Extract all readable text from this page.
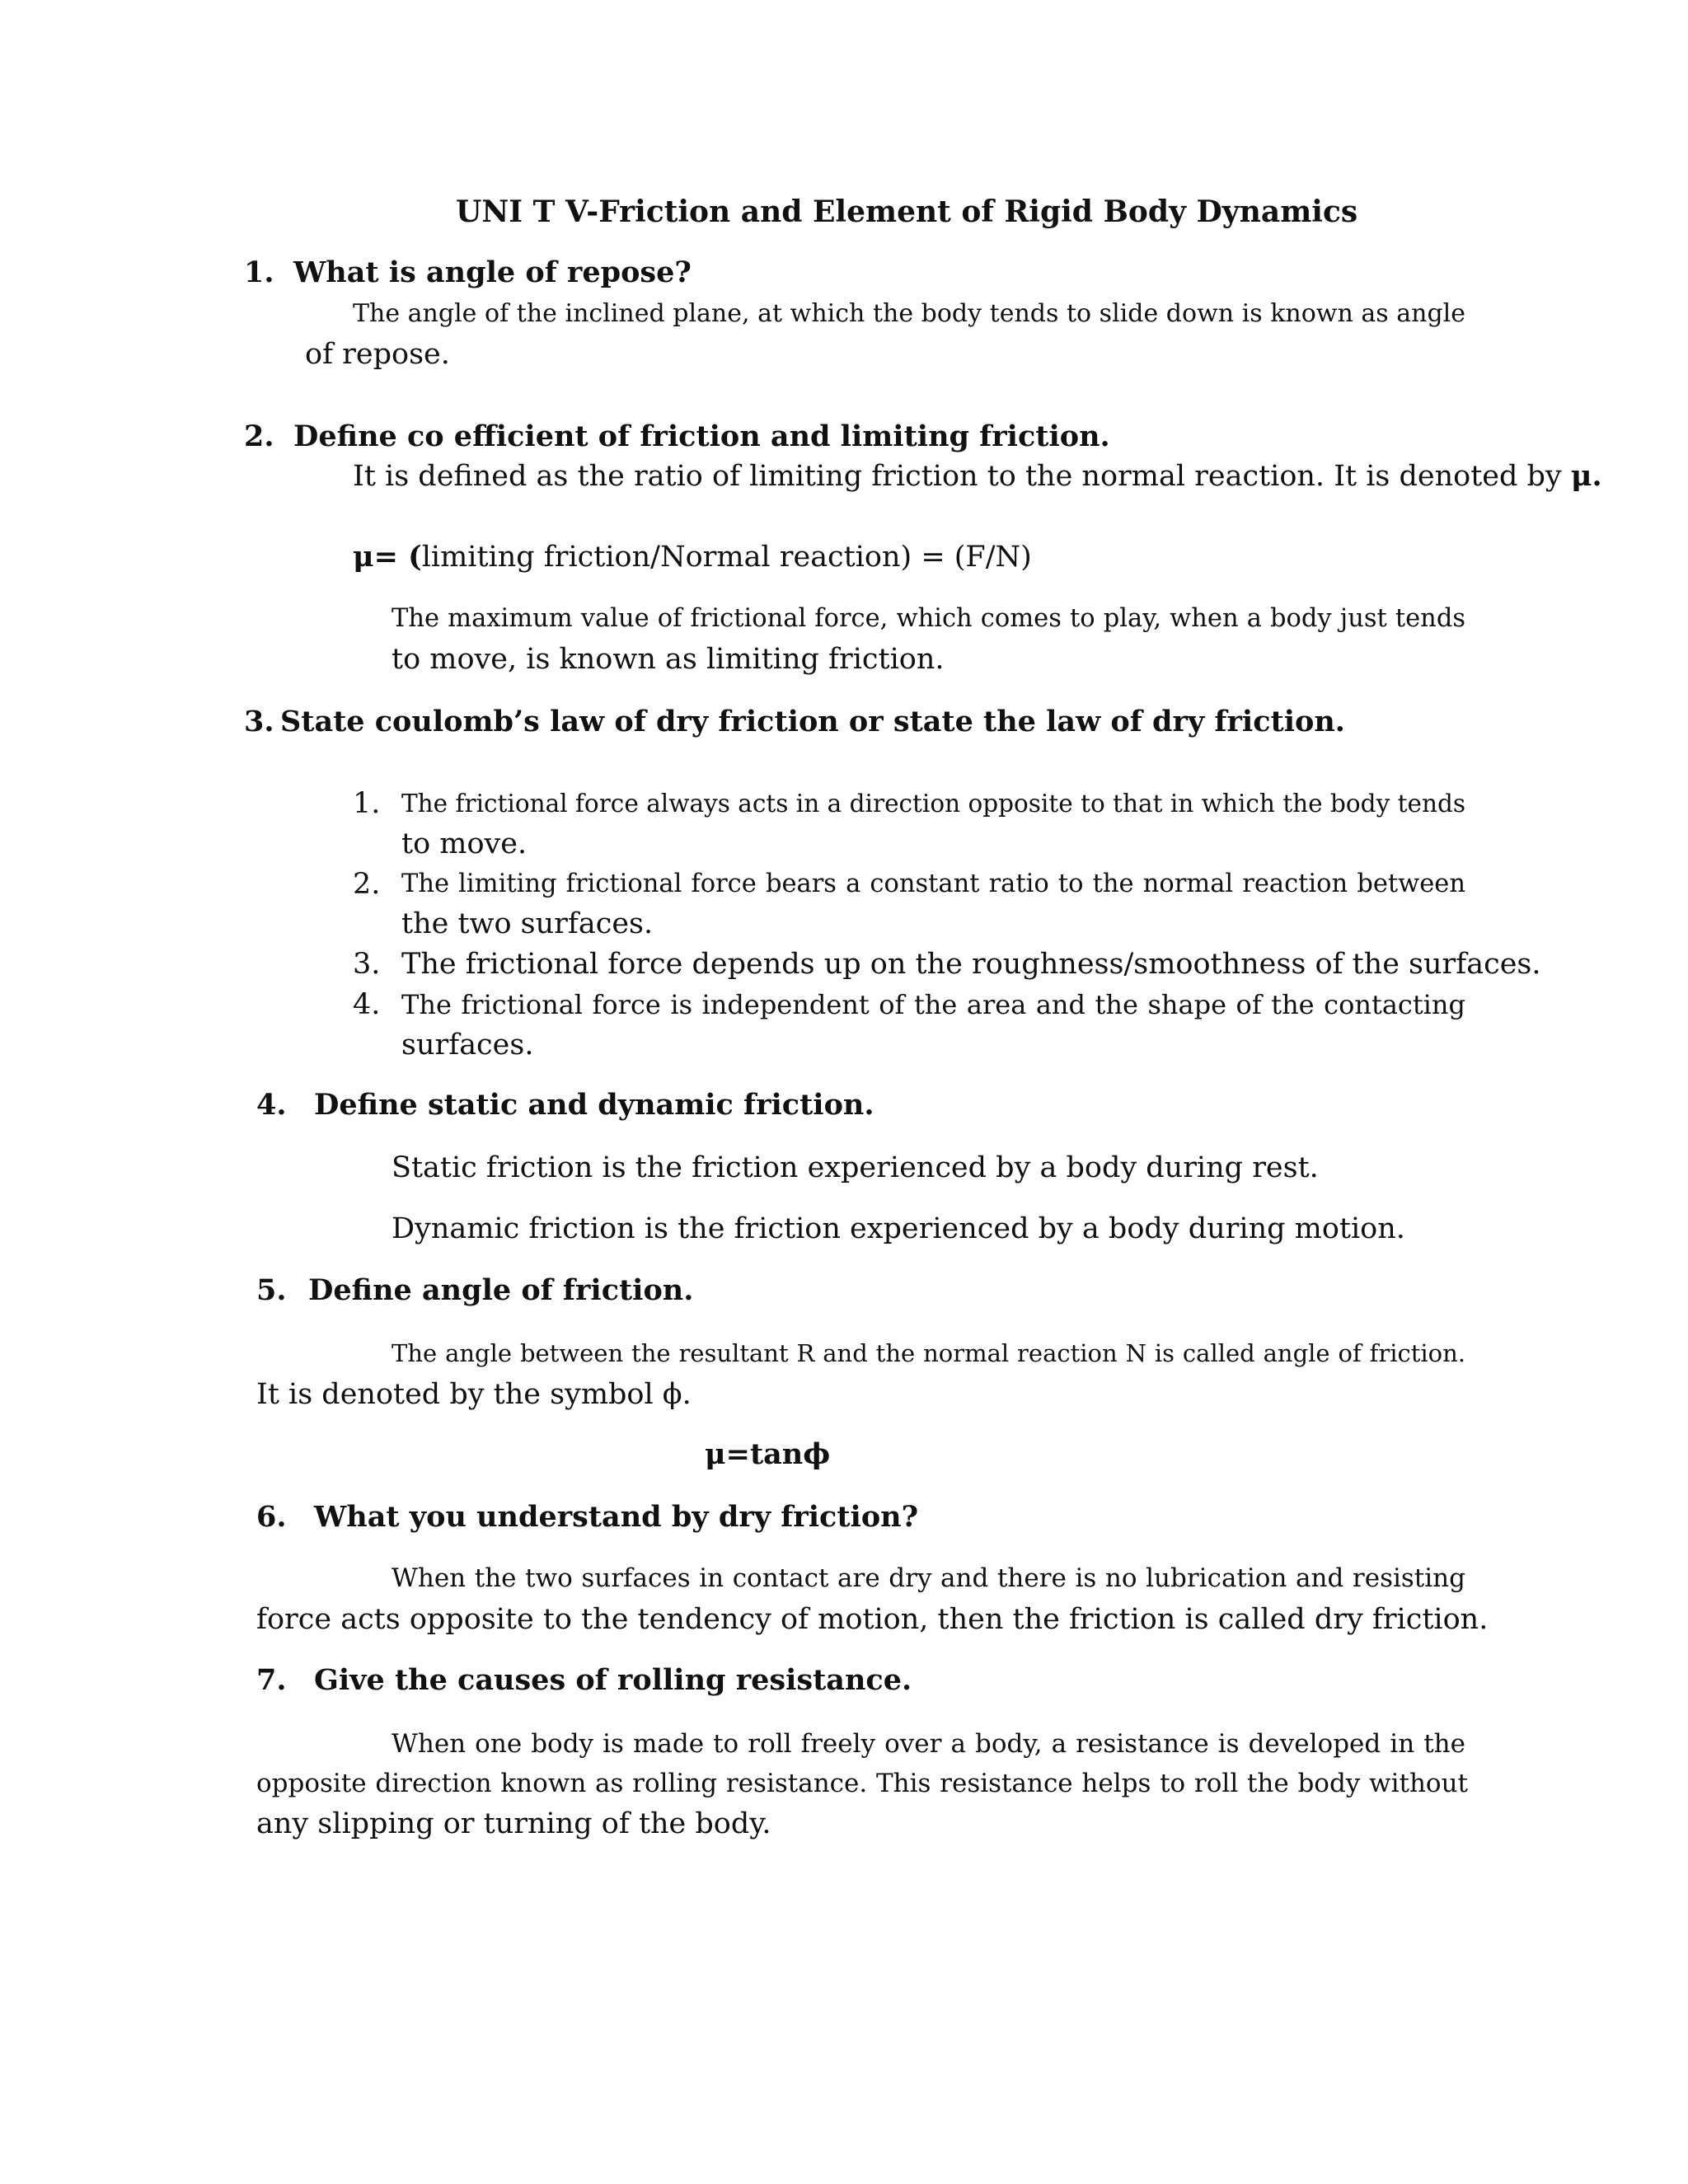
UNI T V-Friction and Element of Rigid Body Dynamics
1. What is angle of repose?
The angle of the inclined plane, at which the body tends to slide down is known as angle
of repose.
2. Define co efficient of friction and limiting friction.
It is defined as the ratio of limiting friction to the normal reaction. It is denoted by μ.
μ= (limiting friction/Normal reaction) = (F/N)
The maximum value of frictional force, which comes to play, when a body just tends
to move, is known as limiting friction.
3. State coulomb’s law of dry friction or state the law of dry friction.
1. The frictional force always acts in a direction opposite to that in which the body tends
to move.
2. The limiting frictional force bears a constant ratio to the normal reaction between
the two surfaces.
3. The frictional force depends up on the roughness/smoothness of the surfaces.
4. The frictional force is independent of the area and the shape of the contacting
surfaces.
4. Define static and dynamic friction.
Static friction is the friction experienced by a body during rest.
Dynamic friction is the friction experienced by a body during motion.
5. Define angle of friction.
The angle between the resultant R and the normal reaction N is called angle of friction.
It is denoted by the symbol ϕ.
μ=tanϕ
6. What you understand by dry friction?
When the two surfaces in contact are dry and there is no lubrication and resisting
force acts opposite to the tendency of motion, then the friction is called dry friction.
7. Give the causes of rolling resistance.
When one body is made to roll freely over a body, a resistance is developed in the
opposite direction known as rolling resistance. This resistance helps to roll the body without
any slipping or turning of the body.
